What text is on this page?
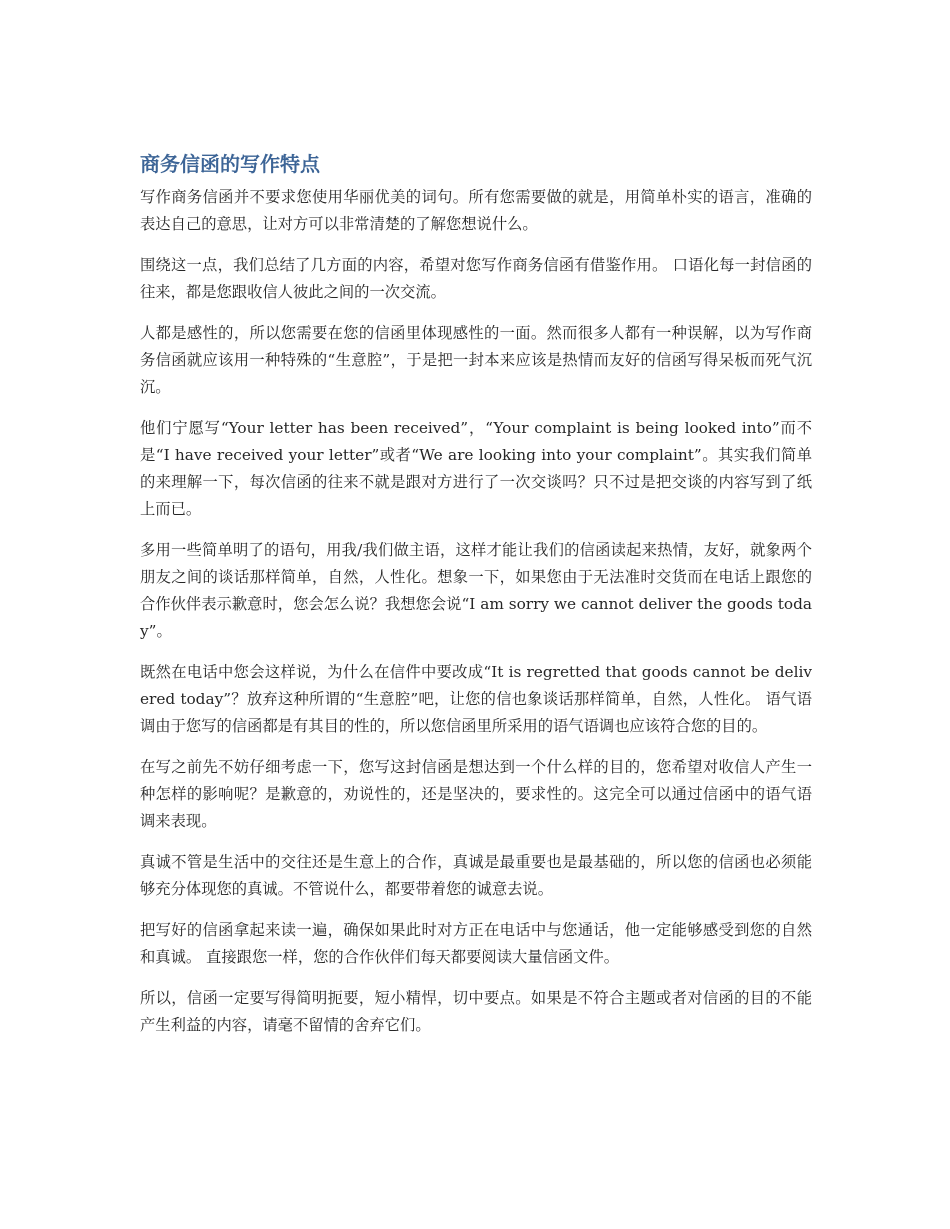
商务信函的写作特点

写作商务信函并不要求您使用华丽优美的词句。所有您需要做的就是，用简单朴实的语言，准确的表达自己的意思，让对方可以非常清楚的了解您想说什么。

围绕这一点，我们总结了几方面的内容，希望对您写作商务信函有借鉴作用。 口语化每一封信函的往来，都是您跟收信人彼此之间的一次交流。

人都是感性的，所以您需要在您的信函里体现感性的一面。然而很多人都有一种误解，以为写作商务信函就应该用一种特殊的“生意腔”，于是把一封本来应该是热情而友好的信函写得呆板而死气沉沉。

他们宁愿写“Your letter has been received”，“Your complaint is being looked into”而不是“I have received your letter”或者“We are looking into your complaint”。其实我们简单的来理解一下，每次信函的往来不就是跟对方进行了一次交谈吗？只不过是把交谈的内容写到了纸上而已。

多用一些简单明了的语句，用我/我们做主语，这样才能让我们的信函读起来热情，友好，就象两个朋友之间的谈话那样简单，自然，人性化。想象一下，如果您由于无法准时交货而在电话上跟您的合作伙伴表示歉意时，您会怎么说？我想您会说“I am sorry we cannot deliver the goods today”。

既然在电话中您会这样说，为什么在信件中要改成“It is regretted that goods cannot be delivered today”？放弃这种所谓的“生意腔”吧，让您的信也象谈话那样简单，自然，人性化。 语气语调由于您写的信函都是有其目的性的，所以您信函里所采用的语气语调也应该符合您的目的。

在写之前先不妨仔细考虑一下，您写这封信函是想达到一个什么样的目的，您希望对收信人产生一种怎样的影响呢？是歉意的，劝说性的，还是坚决的，要求性的。这完全可以通过信函中的语气语调来表现。

真诚不管是生活中的交往还是生意上的合作，真诚是最重要也是最基础的，所以您的信函也必须能够充分体现您的真诚。不管说什么，都要带着您的诚意去说。

把写好的信函拿起来读一遍，确保如果此时对方正在电话中与您通话，他一定能够感受到您的自然和真诚。 直接跟您一样，您的合作伙伴们每天都要阅读大量信函文件。

所以，信函一定要写得简明扼要，短小精悍，切中要点。如果是不符合主题或者对信函的目的不能产生利益的内容，请毫不留情的舍弃它们。
